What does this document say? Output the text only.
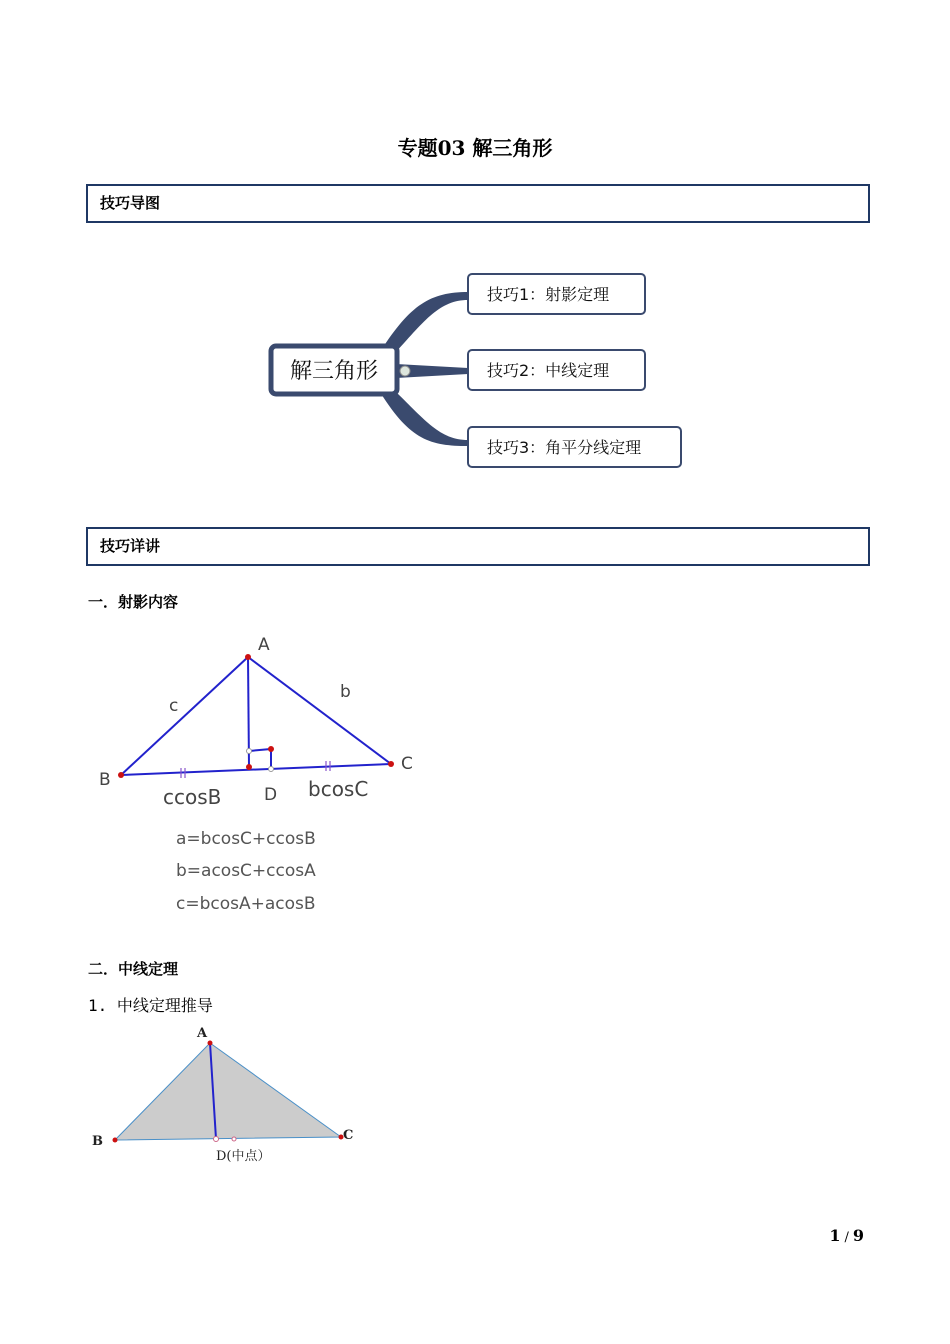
专题03 解三角形
技巧导图
解三角形
技巧1：射影定理
技巧2：中线定理
技巧3：角平分线定理
技巧详讲
一．射影内容
A
B
C
D
c
b
ccosB	bcosC
a=bcosC+ccosB
b=acosC+ccosA
c=bcosA+acosB
二．中线定理
1. 中线定理推导
A
B	C
D(中点）
1 / 9
